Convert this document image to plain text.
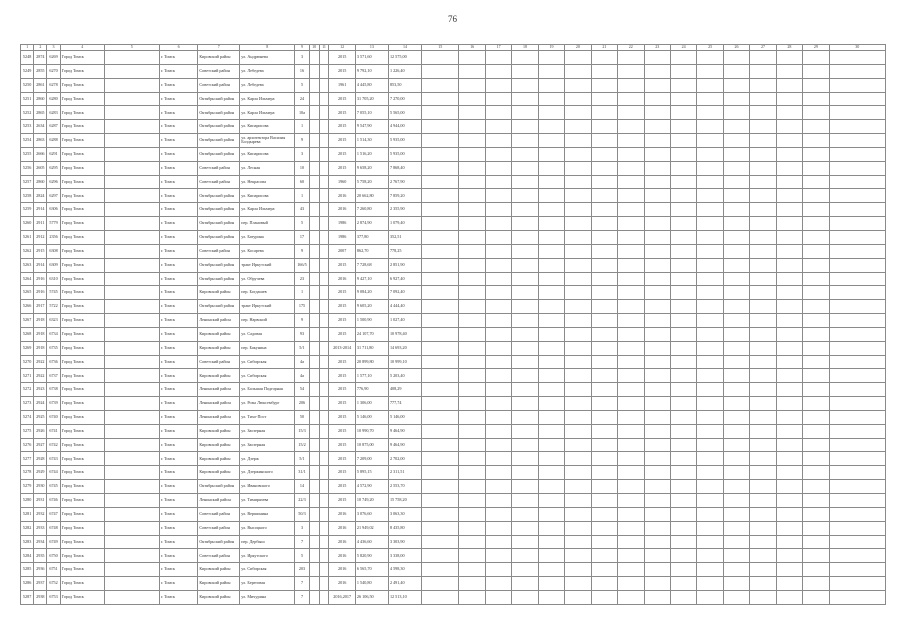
76
1	2	3	4	5	6	7	8	9	10	11	12	13	14	15	16	17	18	19	20	21	22	23	24	25	26	27	28	29	30
5248	2874	6269	Город Томск		г. Томск	Кировский район	ул. Андрюнева	3			2015	3 571,60	12 575,00																
5249	2855	6270	Город Томск		г. Томск	Советский район	ул. Лебедева	16			2015	9 792,10	1 226,40																
5250	2861	6278	Город Томск		г. Томск	Советский район	ул. Лебедева	5			1961	4 445,80	853,50																
5251	2860	6280	Город Томск		г. Томск	Октябрьский район	ул. Карла Ильмера	24			2015	31 705,20	7 270,00																
5252	2865	6283	Город Томск		г. Томск	Октябрьский район	ул. Карла Ильмера	10а			2015	7 055,10	5 565,00																
5253	2634	6287	Город Томск		г. Томск	Октябрьский район	ул. Кипарисова	1			2015	9 547,90	4 944,00																
5254	2863	6288	Город Томск		г. Томск	Октябрьский район	ул. архитектора Василия Болдырева	9			2015	1 514,30	5 935,00																
5255	2666	6291	Город Томск		г. Томск	Октябрьский район	ул. Кипарисова	3			2015	1 516,20	5 935,00																
5256	2605	6295	Город Томск		г. Томск	Советский район	ул. Лесная	10			2015	9 658,20	7 868,40																
5257	2860	6296	Город Томск		г. Томск	Советский район	ул. Некрасова	60			1960	5 758,20	2 767,90																
5258	2824	6297	Город Томск		г. Томск	Октябрьский район	ул. Кипарисова	1			2016	20 662,80	7 859,20																
5259	2914	6306	Город Томск		г. Томск	Октябрьский район	ул. Карла Ильмера	43			2016	7 260,80	2 355,90																
5260	2911	5779	Город Томск		г. Томск	Октябрьский район	пер. Плановый	5			1986	2 874,90	1 079,40																
5261	2912	2356	Город Томск		г. Томск	Октябрьский район	ул. Батурина	17			1986	377,80	352,51																
5262	2915	6308	Город Томск		г. Томск	Советский район	ул. Косарева	9			2007	862,70	778,25																
5263	2914	6309	Город Томск		г. Томск	Октябрьский район	тракт Иркутский	166/5			2015	7 728,68	2 851,90																
5264	2916	6310	Город Томск		г. Томск	Октябрьский район	ул. Обручева	23			2016	9 427,10	6 927,40																
5265	2916	5745	Город Томск		г. Томск	Кировский район	пер. Богдашев	1			2015	9 084,20	7 092,40																
5266	2917	5722	Город Томск		г. Томск	Октябрьский район	тракт Иркутский	175			2015	9 605,20	4 444,40																
5267	2918	6323	Город Томск		г. Томск	Ленинский район	пер. Нарвский	9			2015	1 500,90	1 027,40																
5268	2918	6734	Город Томск		г. Томск	Кировский район	ул. Садовая	93			2015	24 107,70	10 978,40																
5269	2918	6735	Город Томск		г. Томск	Кировский район	пер. Бакунина	5/1			2013-2014	31 711,80	14 693,20																
5270	2922	6736	Город Томск		г. Томск	Советский район	ул. Сибирская	4а			2015	20 899,80	10 999,10																
5271	2922	6737	Город Томск		г. Томск	Кировский район	ул. Сибирская	4а			2015	1 577,10	5 203,40																
5272	2923	6738	Город Томск		г. Томск	Ленинский район	ул. Большая Подгорная	54			2015	776,90	408,29																
5273	2924	6739	Город Томск		г. Томск	Ленинский район	ул. Розы Люксембург	206			2015	1 306,00	777,74																
5274	2925	6740	Город Томск		г. Томск	Ленинский район	ул. Тихо-Пост	50			2015	5 146,00	5 146,00																
5275	2926	6741	Город Томск		г. Томск	Кировский район	ул. Заозерная	15/3			2015	10 990,70	9 464,90																
5276	2927	6742	Город Томск		г. Томск	Кировский район	ул. Заозерная	15/2			2015	10 875,00	9 464,90																
5277	2928	6743	Город Томск		г. Томск	Кировский район	ул. Дзерж	5/1			2015	7 209,00	2 702,00																
5278	2929	6744	Город Томск		г. Томск	Кировский район	ул. Дзержинского	31/1			2015	5 895,15	2 311,51																
5279	2930	6745	Город Томск		г. Томск	Октябрьский район	ул. Ивановского	14			2015	4 572,90	2 553,70																
5280	2931	6746	Город Томск		г. Томск	Ленинский район	ул. Тимирязева	22/3			2015	10 749,20	15 758,20																
5281	2932	6747	Город Томск		г. Томск	Советский район	ул. Вершинина	50/3			2016	3 076,60	3 063,30																
5282	2933	6748	Город Томск		г. Томск	Советский район	ул. Высоцкого	3			2016	21 949,02	8 435,80																
5283	2934	6749	Город Томск		г. Томск	Октябрьский район	пер. Дербыш	7			2016	4 436,60	3 303,90																
5284	2935	6750	Город Томск		г. Томск	Советский район	ул. Иркутского	5			2016	5 820,90	3 338,00																
5285	2936	6751	Город Томск		г. Томск	Кировский район	ул. Сибирская	203			2016	6 565,70	4 598,30																
5286	2937	6752	Город Томск		г. Томск	Кировский район	ул. Береговая	7			2016	1 540,80	2 491,40																
5287	2938	6753	Город Томск		г. Томск	Кировский район	ул. Мичурина	7			2016,2017	26 106,50	12 513,10																
